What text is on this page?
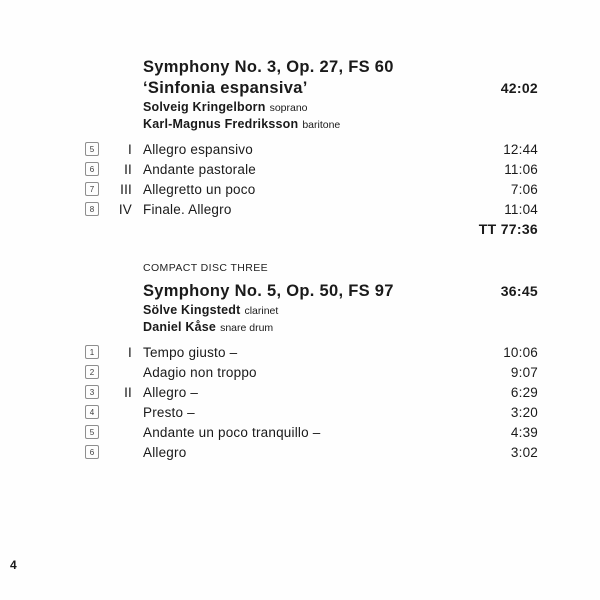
Symphony No. 3, Op. 27, FS 60
‘Sinfonia espansiva’	42:02
Solveig Kringelborn soprano
Karl-Magnus Fredriksson baritone
5	I Allegro espansivo	12:44
6	II Andante pastorale	11:06
7	III Allegretto un poco	7:06
8	IV Finale. Allegro	11:04
TT 77:36
COMPACT DISC THREE
Symphony No. 5, Op. 50, FS 97	36:45
Sölve Kingstedt clarinet
Daniel Kåse snare drum
1	I Tempo giusto –	10:06
2	Adagio non troppo	9:07
3	II Allegro –	6:29
4	Presto –	3:20
5	Andante un poco tranquillo –	4:39
6	Allegro	3:02
4
